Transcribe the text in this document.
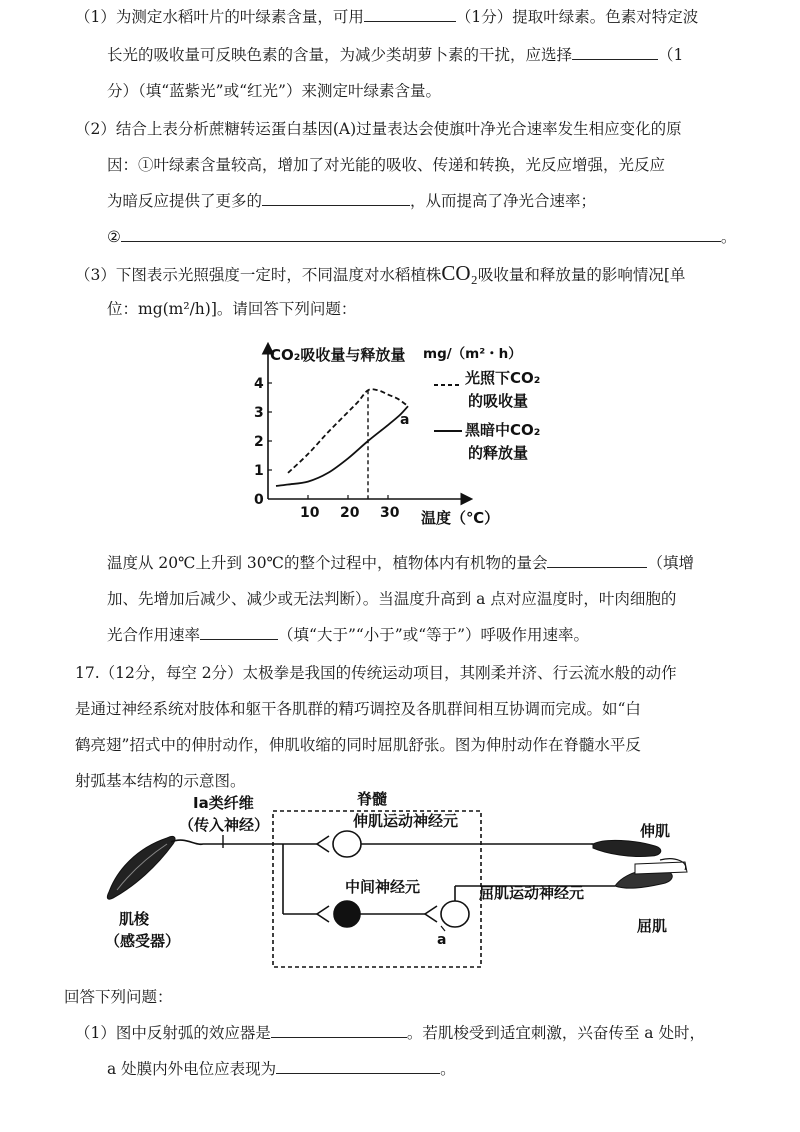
（1）为测定水稻叶片的叶绿素含量，可用	（1分）提取叶绿素。色素对特定波
长光的吸收量可反映色素的含量，为减少类胡萝卜素的干扰，应选择	（1
分）（填“蓝紫光”或“红光”）来测定叶绿素含量。
（2）结合上表分析蔗糖转运蛋白基因(A)过量表达会使旗叶净光合速率发生相应变化的原
因：①叶绿素含量较高，增加了对光能的吸收、传递和转换，光反应增强，光反应
为暗反应提供了更多的	，从而提高了净光合速率；
②	。
（3）下图表示光照强度一定时，不同温度对水稻植株CO₂吸收量和释放量的影响情况[单
位：mg(m²/h)]。请回答下列问题：
10 20 30
0
1
2
3
4
CO₂吸收量与释放量 mg/（m²・h）
温度（℃）
a
光照下CO₂
的吸收量
黑暗中CO₂
的释放量
温度从 20℃上升到 30℃的整个过程中，植物体内有机物的量会	（填增
加、先增加后减少、减少或无法判断）。当温度升高到 a 点对应温度时，叶肉细胞的
光合作用速率	（填“大于”“小于”或“等于”）呼吸作用速率。
17.（12分，每空 2分）太极拳是我国的传统运动项目，其刚柔并济、行云流水般的动作
是通过神经系统对肢体和躯干各肌群的精巧调控及各肌群间相互协调而完成。如“白
鹤亮翅”招式中的伸肘动作，伸肌收缩的同时屈肌舒张。图为伸肘动作在脊髓水平反
射弧基本结构的示意图。
脊髓
Ia类纤维
（传入神经）
肌梭
（感受器）
伸肌运动神经元
中间神经元
a
屈肌运动神经元
伸肌
屈肌
回答下列问题：
（1）图中反射弧的效应器是	。若肌梭受到适宜刺激，兴奋传至 a 处时，
a 处膜内外电位应表现为	。
